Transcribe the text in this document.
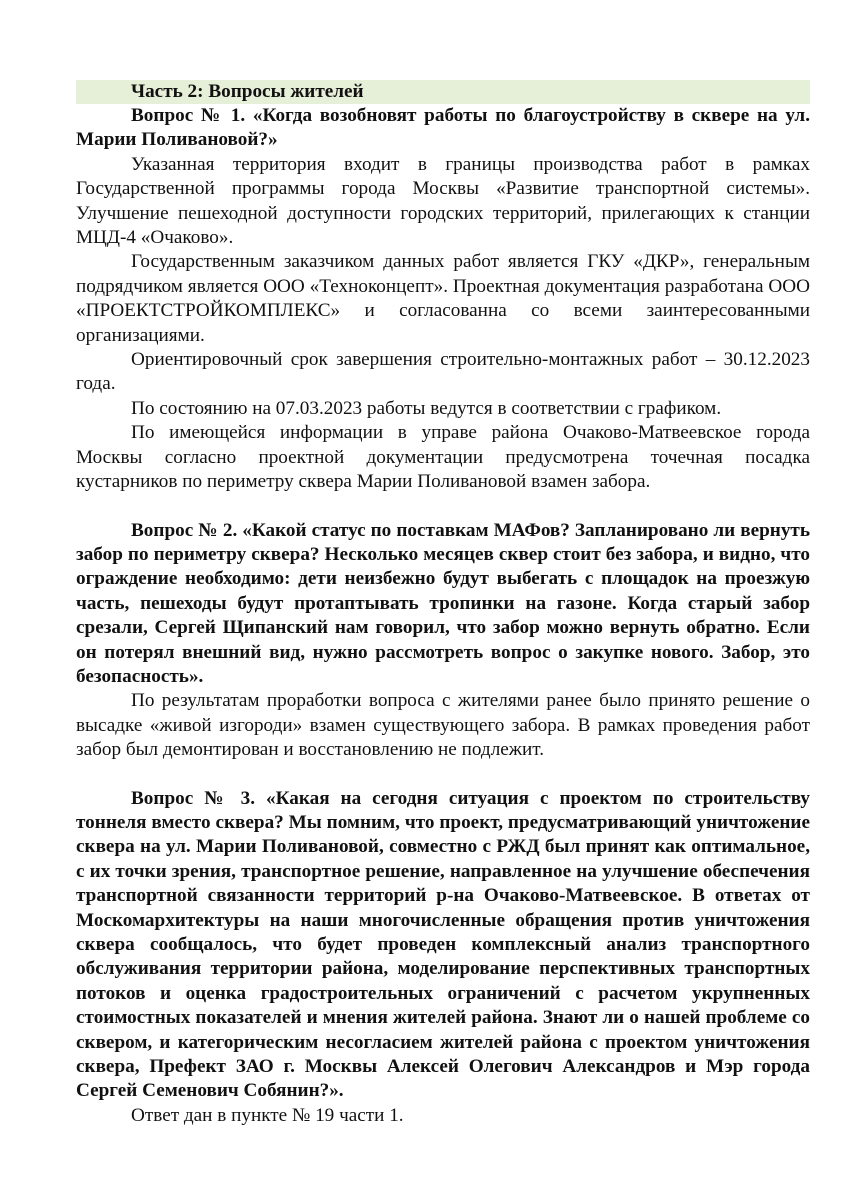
Часть 2: Вопросы жителей

Вопрос № 1. «Когда возобновят работы по благоустройству в сквере на ул. Марии Поливановой?»

Указанная территория входит в границы производства работ в рамках Государственной программы города Москвы «Развитие транспортной системы». Улучшение пешеходной доступности городских территорий, прилегающих к станции МЦД-4 «Очаково».

Государственным заказчиком данных работ является ГКУ «ДКР», генеральным подрядчиком является ООО «Техноконцепт». Проектная документация разработана ООО «ПРОЕКТСТРОЙКОМПЛЕКС» и согласованна со всеми заинтересованными организациями.

Ориентировочный срок завершения строительно-монтажных работ – 30.12.2023 года.

По состоянию на 07.03.2023 работы ведутся в соответствии с графиком.

По имеющейся информации в управе района Очаково-Матвеевское города Москвы согласно проектной документации предусмотрена точечная посадка кустарников по периметру сквера Марии Поливановой взамен забора.

Вопрос № 2. «Какой статус по поставкам МАФов? Запланировано ли вернуть забор по периметру сквера? Несколько месяцев сквер стоит без забора, и видно, что ограждение необходимо: дети неизбежно будут выбегать с площадок на проезжую часть, пешеходы будут протаптывать тропинки на газоне. Когда старый забор срезали, Сергей Щипанский нам говорил, что забор можно вернуть обратно. Если он потерял внешний вид, нужно рассмотреть вопрос о закупке нового. Забор, это безопасность».

По результатам проработки вопроса с жителями ранее было принято решение о высадке «живой изгороди» взамен существующего забора. В рамках проведения работ забор был демонтирован и восстановлению не подлежит.

Вопрос № 3. «Какая на сегодня ситуация с проектом по строительству тоннеля вместо сквера? Мы помним, что проект, предусматривающий уничтожение сквера на ул. Марии Поливановой, совместно с РЖД был принят как оптимальное, с их точки зрения, транспортное решение, направленное на улучшение обеспечения транспортной связанности территорий р-на Очаково-Матвеевское. В ответах от Москомархитектуры на наши многочисленные обращения против уничтожения сквера сообщалось, что будет проведен комплексный анализ транспортного обслуживания территории района, моделирование перспективных транспортных потоков и оценка градостроительных ограничений с расчетом укрупненных стоимостных показателей и мнения жителей района. Знают ли о нашей проблеме со сквером, и категорическим несогласием жителей района с проектом уничтожения сквера, Префект ЗАО г. Москвы Алексей Олегович Александров и Мэр города Сергей Семенович Собянин?».

Ответ дан в пункте № 19 части 1.
